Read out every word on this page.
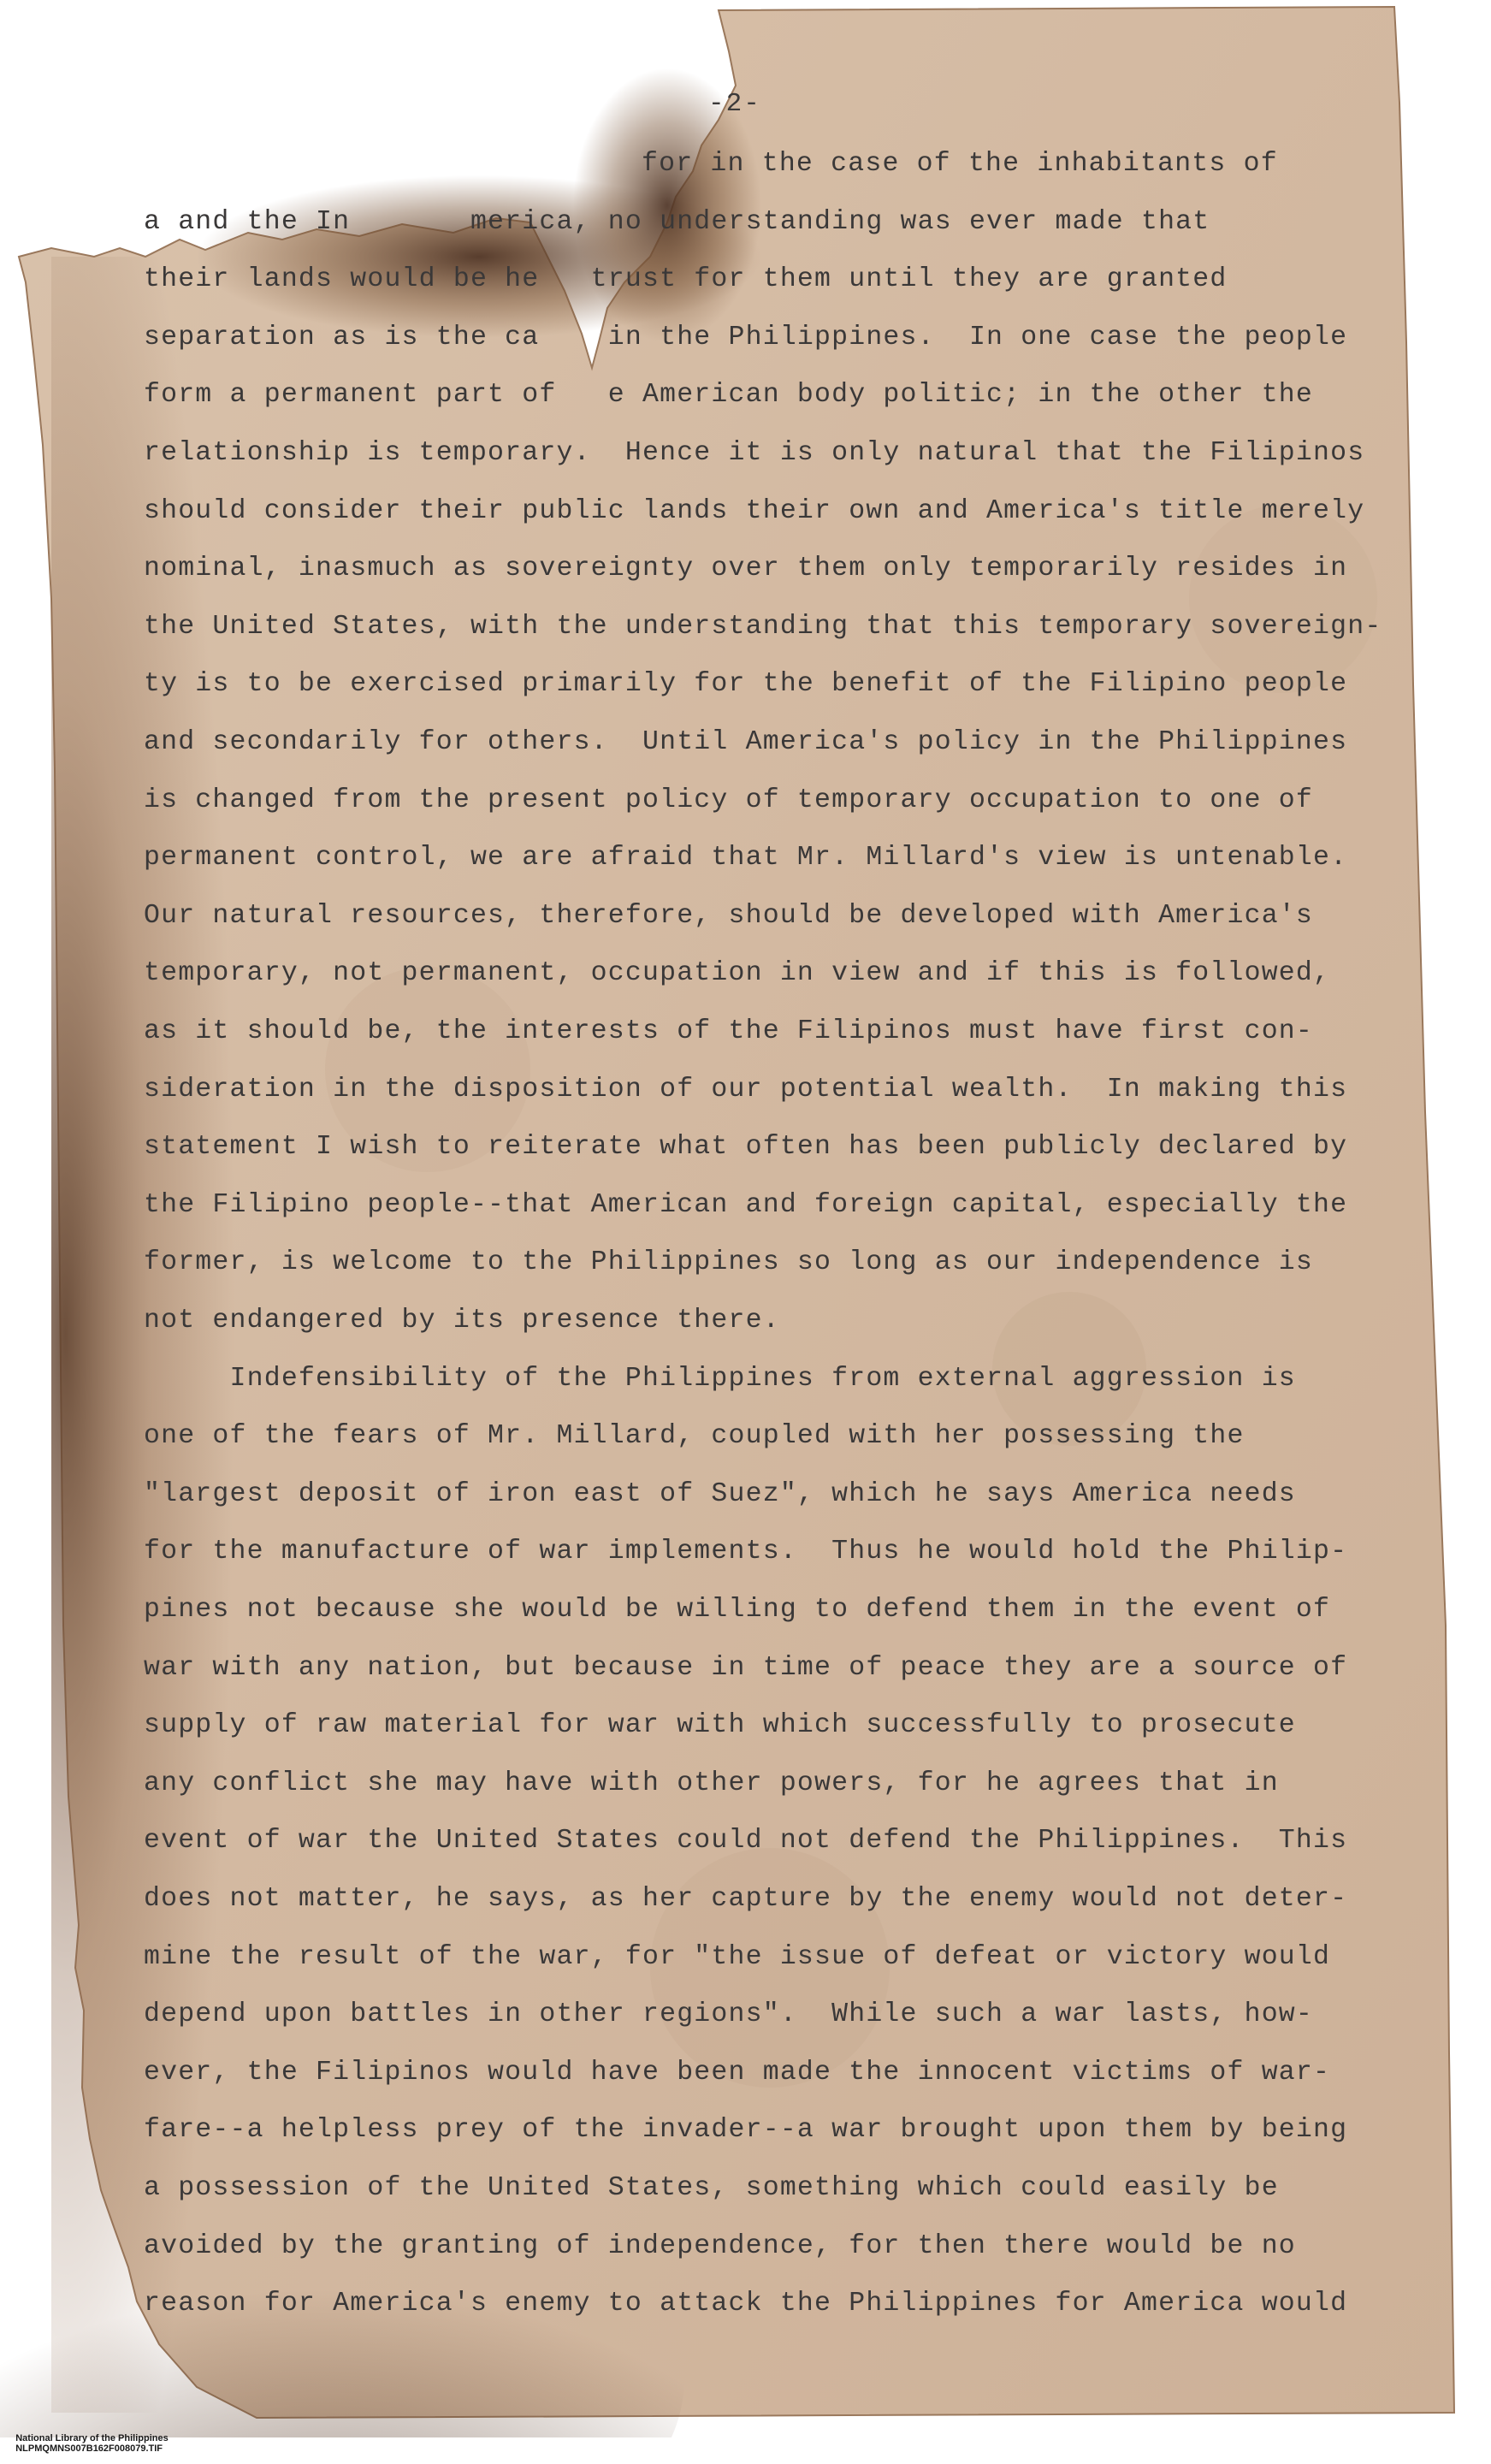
-2-
for in the case of the inhabitants of
a and the In       merica, no understanding was ever made that
their lands would be he   trust for them until they are granted
separation as is the ca    in the Philippines.  In one case the people
form a permanent part of   e American body politic; in the other the
relationship is temporary.  Hence it is only natural that the Filipinos
should consider their public lands their own and America's title merely
nominal, inasmuch as sovereignty over them only temporarily resides in
the United States, with the understanding that this temporary sovereign-
ty is to be exercised primarily for the benefit of the Filipino people
and secondarily for others.  Until America's policy in the Philippines
is changed from the present policy of temporary occupation to one of
permanent control, we are afraid that Mr. Millard's view is untenable.
Our natural resources, therefore, should be developed with America's
temporary, not permanent, occupation in view and if this is followed,
as it should be, the interests of the Filipinos must have first con-
sideration in the disposition of our potential wealth.  In making this
statement I wish to reiterate what often has been publicly declared by
the Filipino people--that American and foreign capital, especially the
former, is welcome to the Philippines so long as our independence is
not endangered by its presence there.
Indefensibility of the Philippines from external aggression is
one of the fears of Mr. Millard, coupled with her possessing the
"largest deposit of iron east of Suez", which he says America needs
for the manufacture of war implements.  Thus he would hold the Philip-
pines not because she would be willing to defend them in the event of
war with any nation, but because in time of peace they are a source of
supply of raw material for war with which successfully to prosecute
any conflict she may have with other powers, for he agrees that in
event of war the United States could not defend the Philippines.  This
does not matter, he says, as her capture by the enemy would not deter-
mine the result of the war, for "the issue of defeat or victory would
depend upon battles in other regions".  While such a war lasts, how-
ever, the Filipinos would have been made the innocent victims of war-
fare--a helpless prey of the invader--a war brought upon them by being
a possession of the United States, something which could easily be
avoided by the granting of independence, for then there would be no
reason for America's enemy to attack the Philippines for America would

National Library of the Philippines
NLPMQMNS007B162F008079.TIF
